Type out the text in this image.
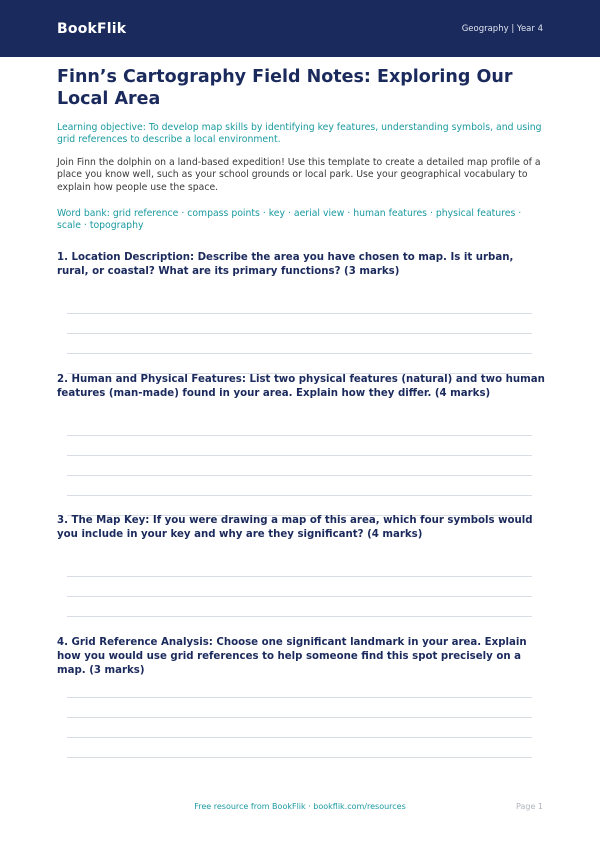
BookFlik	Geography | Year 4
Finn’s Cartography Field Notes: Exploring Our Local Area

Learning objective: To develop map skills by identifying key features, understanding symbols, and using grid references to describe a local environment.

Join Finn the dolphin on a land-based expedition! Use this template to create a detailed map profile of a place you know well, such as your school grounds or local park. Use your geographical vocabulary to explain how people use the space.

Word bank: grid reference · compass points · key · aerial view · human features · physical features · scale · topography

1. Location Description: Describe the area you have chosen to map. Is it urban, rural, or coastal? What are its primary functions? (3 marks)

2. Human and Physical Features: List two physical features (natural) and two human features (man-made) found in your area. Explain how they differ. (4 marks)

3. The Map Key: If you were drawing a map of this area, which four symbols would you include in your key and why are they significant? (4 marks)

4. Grid Reference Analysis: Choose one significant landmark in your area. Explain how you would use grid references to help someone find this spot precisely on a map. (3 marks)

Free resource from BookFlik · bookflik.com/resources	Page 1
